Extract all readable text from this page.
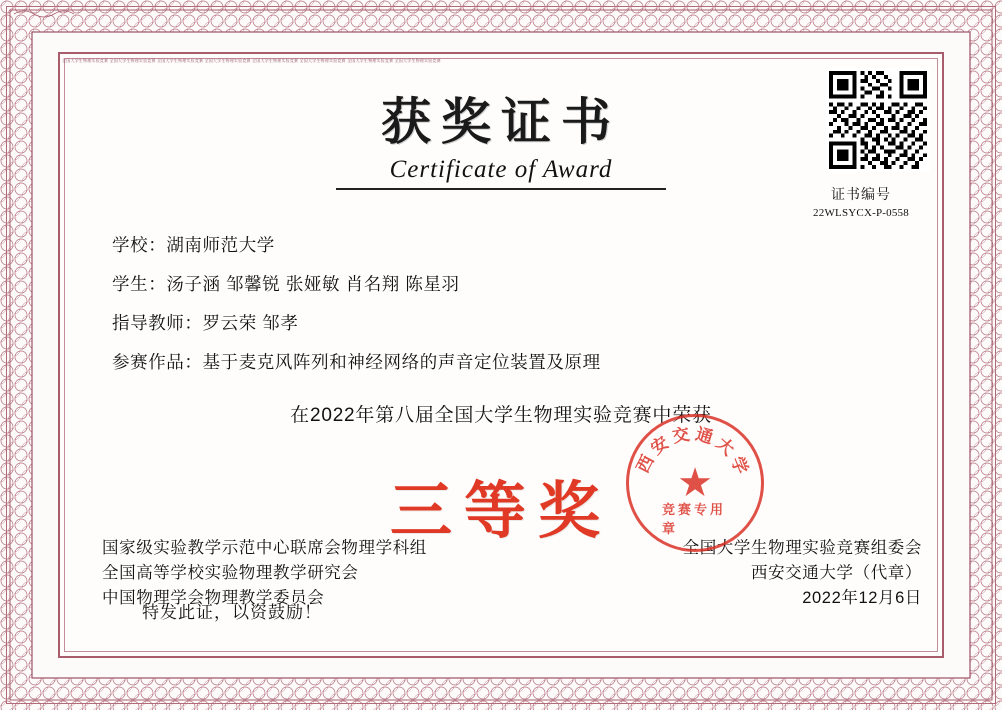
全国大学生物理实验竞赛 全国大学生物理实验竞赛 全国大学生物理实验竞赛 全国大学生物理实验竞赛 全国大学生物理实验竞赛 全国大学生物理实验竞赛 全国大学生物理实验竞赛 全国大学生物理实验竞赛
获奖证书
Certificate of Award
证书编号
22WLSYCX-P-0558
学校：湖南师范大学
学生：汤子涵 邹馨锐 张娅敏 肖名翔 陈星羽
指导教师：罗云荣 邹孝
参赛作品：基于麦克风阵列和神经网络的声音定位装置及原理
在2022年第八届全国大学生物理实验竞赛中荣获
三等奖
特发此证，以资鼓励！
国家级实验教学示范中心联席会物理学科组
全国高等学校实验物理教学研究会
中国物理学会物理教学委员会
全国大学生物理实验竞赛组委会
西安交通大学（代章）
2022年12月6日
西安交通大学
★
竞赛专用章
